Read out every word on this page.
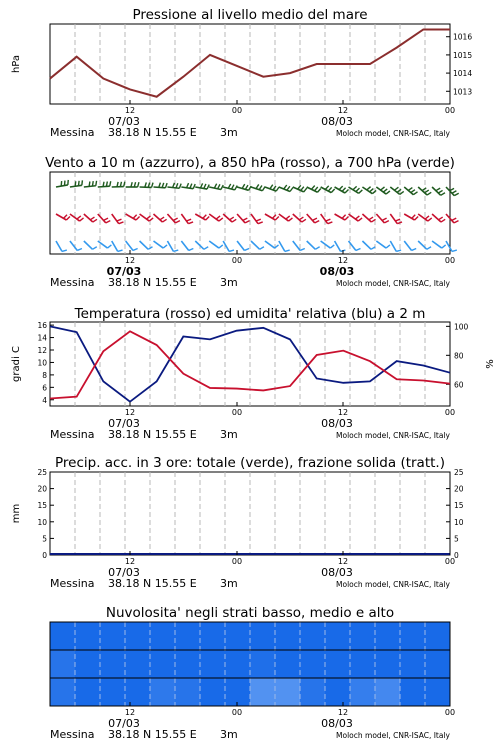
Pressione al livello medio del mare
1013
1014
1015
1016
hPa
12	00	12	00
07/03	08/03
Messina 38.18 N 15.55 E 3m	Moloch model, CNR-ISAC, Italy
Vento a 10 m (azzurro), a 850 hPa (rosso), a 700 hPa (verde)
12	00	12	00
07/03	08/03
Messina 38.18 N 15.55 E 3m	Moloch model, CNR-ISAC, Italy
Temperatura (rosso) ed umidita' relativa (blu) a 2 m
4
6
8
10
12
14
16
60
80
100
gradi C	%
12	00	12	00
07/03	08/03
Messina 38.18 N 15.55 E 3m	Moloch model, CNR-ISAC, Italy
Precip. acc. in 3 ore: totale (verde), frazione solida (tratt.)
0	0
5	5
10	10
15	15
20	20
25	25
mm
12	00	12	00
07/03	08/03
Messina 38.18 N 15.55 E 3m	Moloch model, CNR-ISAC, Italy
Nuvolosita' negli strati basso, medio e alto
12	00	12	00
07/03	08/03
Messina 38.18 N 15.55 E 3m	Moloch model, CNR-ISAC, Italy
